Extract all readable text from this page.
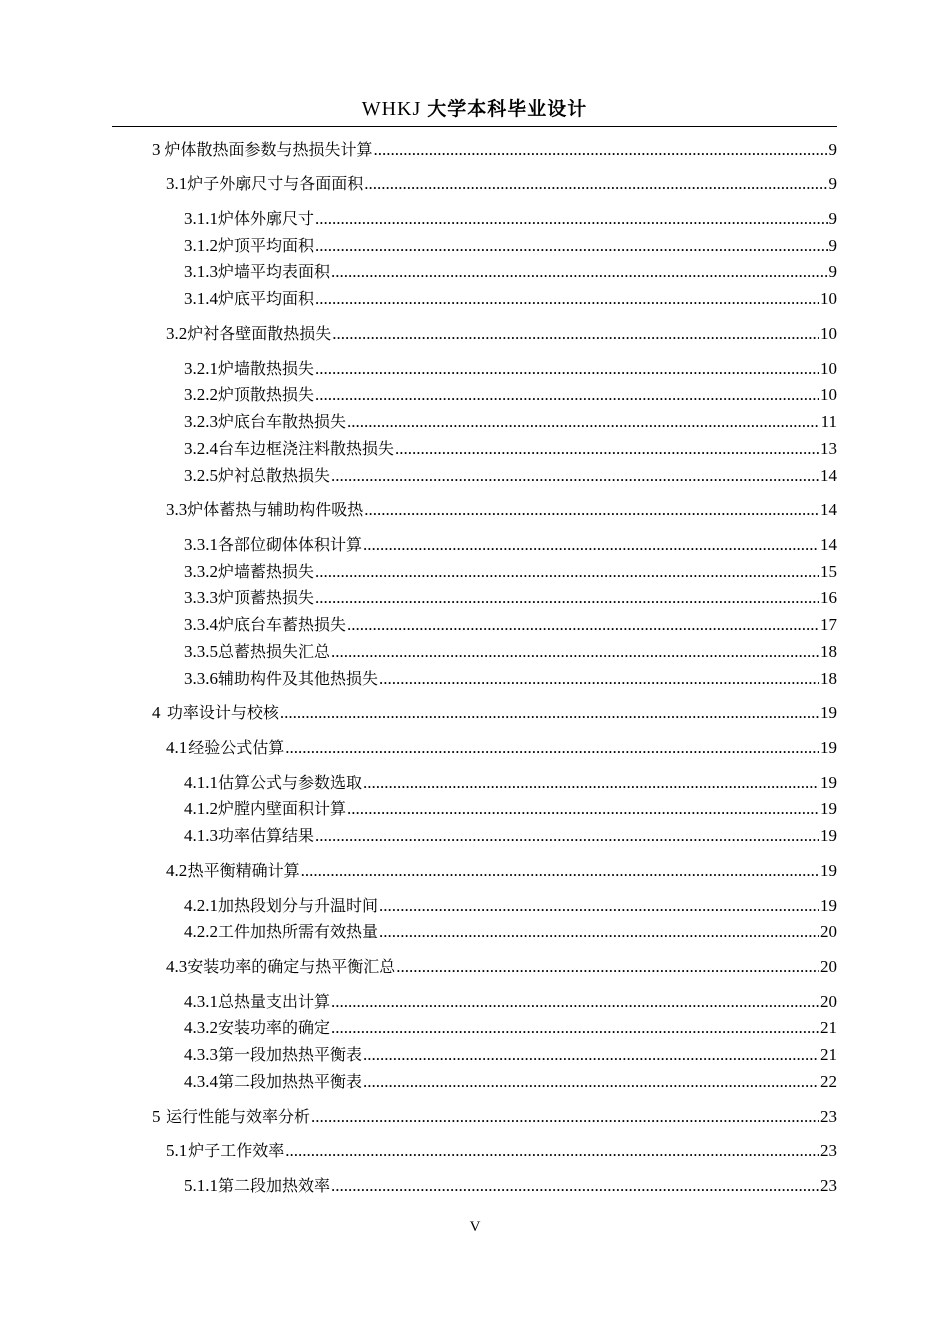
WHKJ 大学本科毕业设计
3 炉体散热面参数与热损失计算 .....	9
3.1 炉子外廓尺寸与各面面积 .....	9
3.1.1 炉体外廓尺寸 .....	9
3.1.2 炉顶平均面积 .....	9
3.1.3 炉墙平均表面积 .....	9
3.1.4 炉底平均面积 .....	10
3.2 炉衬各壁面散热损失 .....	10
3.2.1 炉墙散热损失 .....	10
3.2.2 炉顶散热损失 .....	10
3.2.3 炉底台车散热损失 .....	11
3.2.4 台车边框浇注料散热损失 .....	13
3.2.5 炉衬总散热损失 .....	14
3.3 炉体蓄热与辅助构件吸热 .....	14
3.3.1 各部位砌体体积计算 .....	14
3.3.2 炉墙蓄热损失 .....	15
3.3.3 炉顶蓄热损失 .....	16
3.3.4 炉底台车蓄热损失 .....	17
3.3.5 总蓄热损失汇总 .....	18
3.3.6 辅助构件及其他热损失 .....	18
4 功率设计与校核 .....	19
4.1 经验公式估算 .....	19
4.1.1 估算公式与参数选取 .....	19
4.1.2 炉膛内壁面积计算 .....	19
4.1.3 功率估算结果 .....	19
4.2 热平衡精确计算 .....	19
4.2.1 加热段划分与升温时间 .....	19
4.2.2 工件加热所需有效热量 .....	20
4.3 安装功率的确定与热平衡汇总 .....	20
4.3.1 总热量支出计算 .....	20
4.3.2 安装功率的确定 .....	21
4.3.3 第一段加热热平衡表 .....	21
4.3.4 第二段加热热平衡表 .....	22
5 运行性能与效率分析 .....	23
5.1 炉子工作效率 .....	23
5.1.1 第二段加热效率 .....	23
V
